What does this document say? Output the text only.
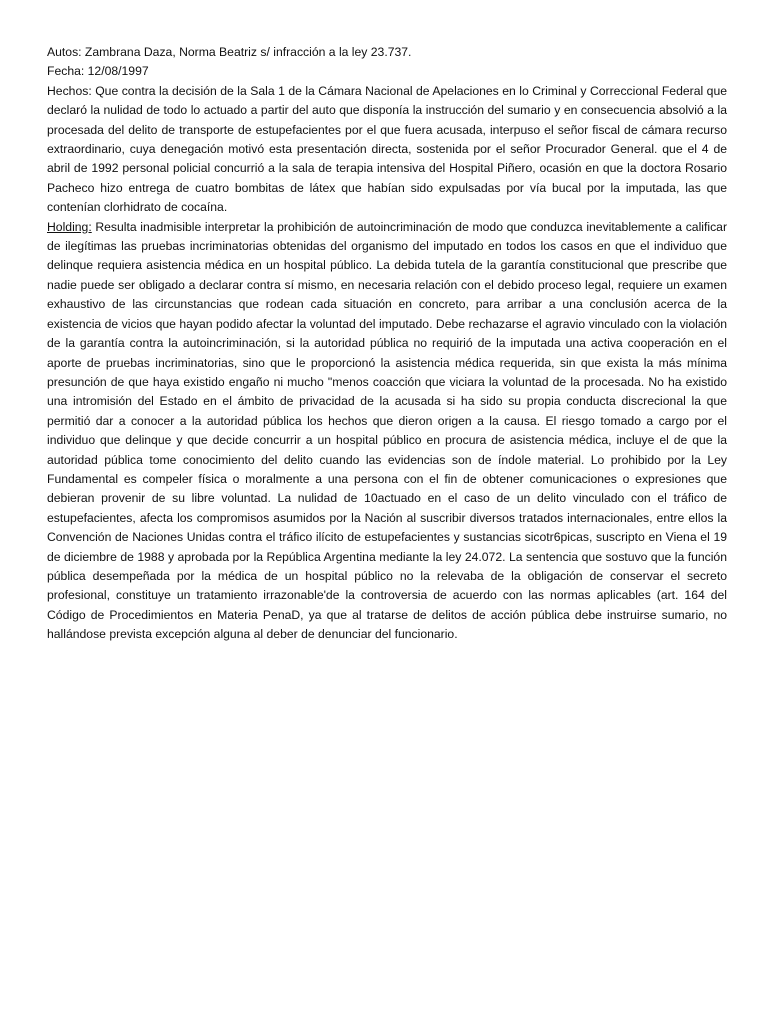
Autos: Zambrana Daza, Norma Beatriz s/ infracción a la ley 23.737.
Fecha: 12/08/1997
Hechos: Que contra la decisión de la Sala 1 de la Cámara Nacional de Apelaciones en lo Criminal y Correccional Federal que declaró la nulidad de todo lo actuado a partir del auto que disponía la instrucción del sumario y en consecuencia absolvió a la procesada del delito de transporte de estupefacientes por el que fuera acusada, interpuso el señor fiscal de cámara recurso extraordinario, cuya denegación motivó esta presentación directa, sostenida por el señor Procurador General. que el 4 de abril de 1992 personal policial concurrió a la sala de terapia intensiva del Hospital Piñero, ocasión en que la doctora Rosario Pacheco hizo entrega de cuatro bombitas de látex que habían sido expulsadas por vía bucal por la imputada, las que contenían clorhidrato de cocaína.
Holding: Resulta inadmisible interpretar la prohibición de autoincriminación de modo que conduzca inevitablemente a calificar de ilegítimas las pruebas incriminatorias obtenidas del organismo del imputado en todos los casos en que el individuo que delinque requiera asistencia médica en un hospital público. La debida tutela de la garantía constitucional que prescribe que nadie puede ser obligado a declarar contra sí mismo, en necesaria relación con el debido proceso legal, requiere un examen exhaustivo de las circunstancias que rodean cada situación en concreto, para arribar a una conclusión acerca de la existencia de vicios que hayan podido afectar la voluntad del imputado. Debe rechazarse el agravio vinculado con la violación de la garantía contra la autoincriminación, si la autoridad pública no requirió de la imputada una activa cooperación en el aporte de pruebas incriminatorias, sino que le proporcionó la asistencia médica requerida, sin que exista la más mínima presunción de que haya existido engaño ni mucho "menos coacción que viciara la voluntad de la procesada. No ha existido una intromisión del Estado en el ámbito de privacidad de la acusada si ha sido su propia conducta discrecional la que permitió dar a conocer a la autoridad pública los hechos que dieron origen a la causa. El riesgo tomado a cargo por el individuo que delinque y que decide concurrir a un hospital público en procura de asistencia médica, incluye el de que la autoridad pública tome conocimiento del delito cuando las evidencias son de índole material. Lo prohibido por la Ley Fundamental es compeler física o moralmente a una persona con el fin de obtener comunicaciones o expresiones que debieran provenir de su libre voluntad. La nulidad de 10actuado en el caso de un delito vinculado con el tráfico de estupefacientes, afecta los compromisos asumidos por la Nación al suscribir diversos tratados internacionales, entre ellos la Convención de Naciones Unidas contra el tráfico ilícito de estupefacientes y sustancias sicotr6picas, suscripto en Viena el 19 de diciembre de 1988 y aprobada por la República Argentina mediante la ley 24.072. La sentencia que sostuvo que la función pública desempeñada por la médica de un hospital público no la relevaba de la obligación de conservar el secreto profesional, constituye un tratamiento irrazonable'de la controversia de acuerdo con las normas aplicables (art. 164 del Código de Procedimientos en Materia PenaD, ya que al tratarse de delitos de acción pública debe instruirse sumario, no hallándose prevista excepción alguna al deber de denunciar del funcionario.
